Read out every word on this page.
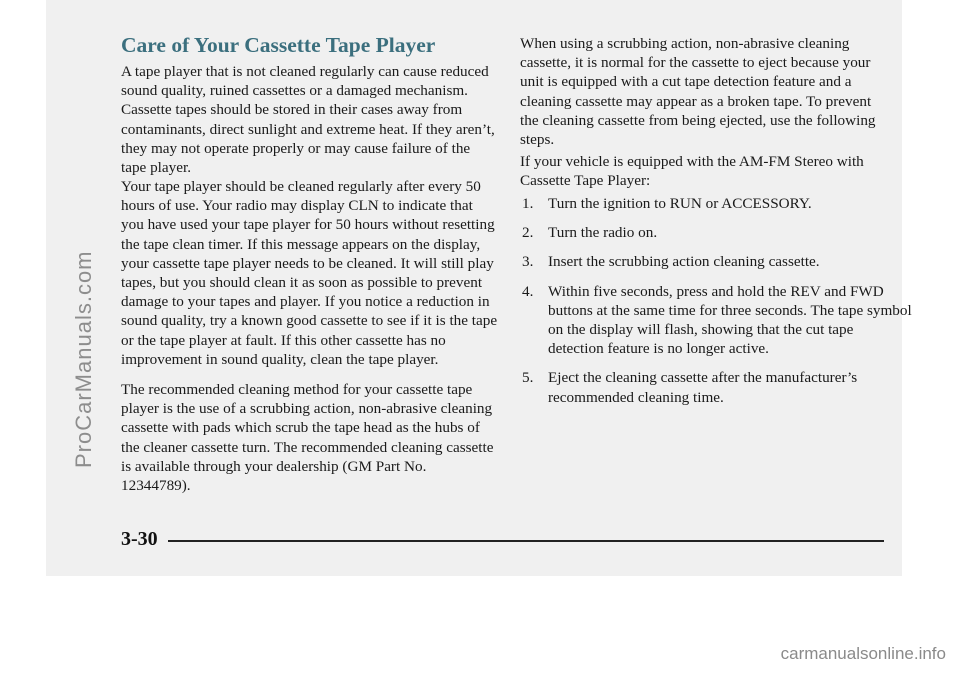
Care of Your Cassette Tape Player

A tape player that is not cleaned regularly can cause reduced sound quality, ruined cassettes or a damaged mechanism. Cassette tapes should be stored in their cases away from contaminants, direct sunlight and extreme heat. If they aren’t, they may not operate properly or may cause failure of the tape player.

Your tape player should be cleaned regularly after every 50 hours of use. Your radio may display CLN to indicate that you have used your tape player for 50 hours without resetting the tape clean timer. If this message appears on the display, your cassette tape player needs to be cleaned. It will still play tapes, but you should clean it as soon as possible to prevent damage to your tapes and player. If you notice a reduction in sound quality, try a known good cassette to see if it is the tape or the tape player at fault. If this other cassette has no improvement in sound quality, clean the tape player.

The recommended cleaning method for your cassette tape player is the use of a scrubbing action, non-abrasive cleaning cassette with pads which scrub the tape head as the hubs of the cleaner cassette turn. The recommended cleaning cassette is available through your dealership (GM Part No. 12344789).

When using a scrubbing action, non-abrasive cleaning cassette, it is normal for the cassette to eject because your unit is equipped with a cut tape detection feature and a cleaning cassette may appear as a broken tape. To prevent the cleaning cassette from being ejected, use the following steps.

If your vehicle is equipped with the AM-FM Stereo with Cassette Tape Player:

1. Turn the ignition to RUN or ACCESSORY.
2. Turn the radio on.
3. Insert the scrubbing action cleaning cassette.
4. Within five seconds, press and hold the REV and FWD buttons at the same time for three seconds. The tape symbol on the display will flash, showing that the cut tape detection feature is no longer active.
5. Eject the cleaning cassette after the manufacturer’s recommended cleaning time.
3-30
ProCarManuals.com
carmanualsonline.info
